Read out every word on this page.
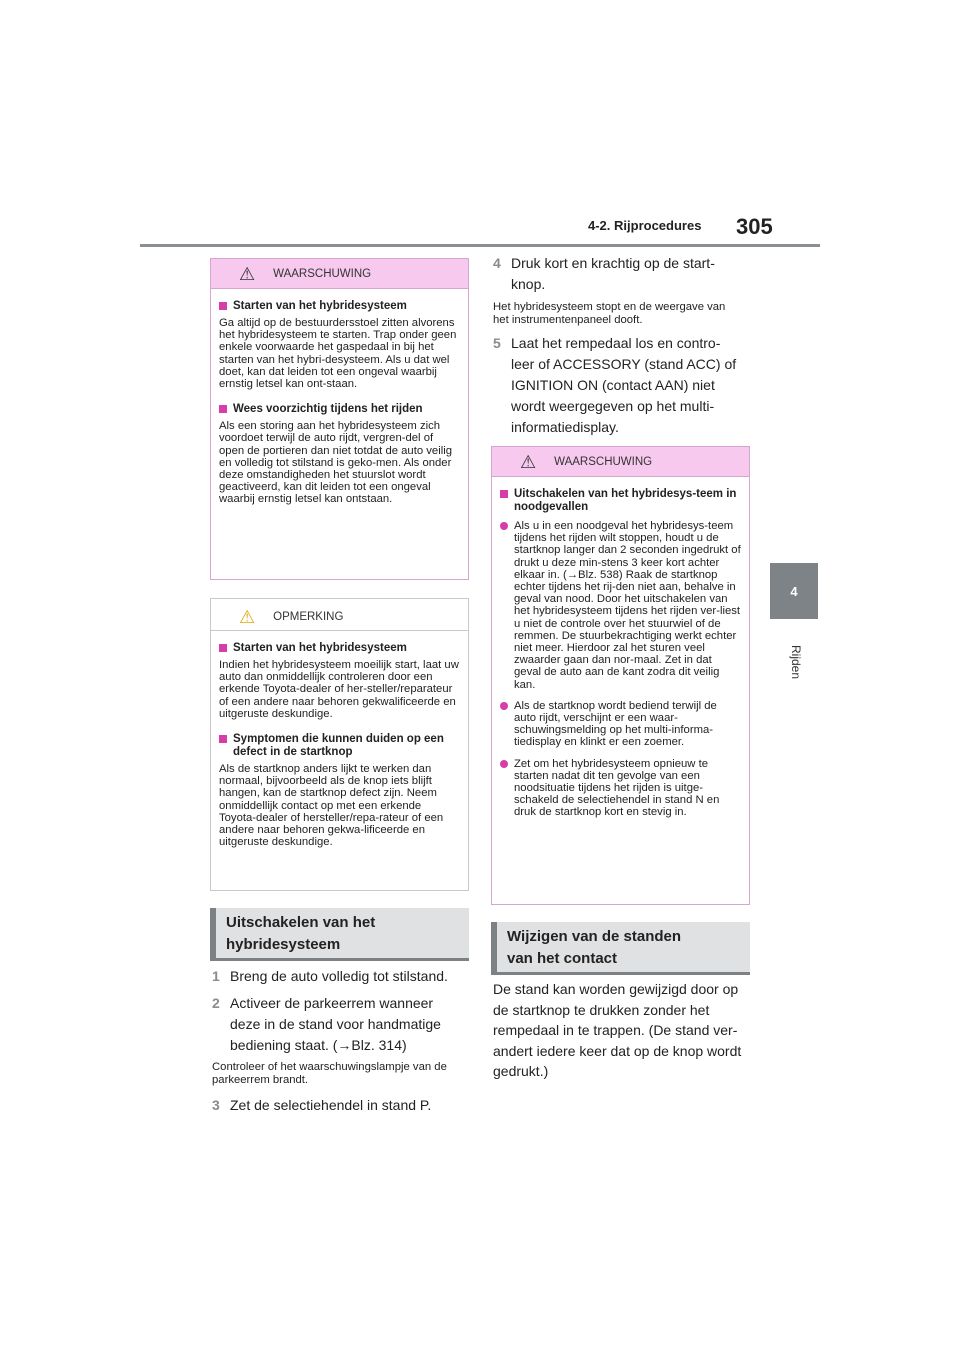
4-2. Rijprocedures 305
4
Rijden
⚠ WAARSCHUWING
Starten van het hybridesysteem
Ga altijd op de bestuurdersstoel zitten alvorens het hybridesysteem te starten. Trap onder geen enkele voorwaarde het gaspedaal in bij het starten van het hybri-desysteem. Als u dat wel doet, kan dat leiden tot een ongeval waarbij ernstig letsel kan ont-staan.
Wees voorzichtig tijdens het rijden
Als een storing aan het hybridesysteem zich voordoet terwijl de auto rijdt, vergren-del of open de portieren dan niet totdat de auto veilig en volledig tot stilstand is geko-men. Als onder deze omstandigheden het stuurslot wordt geactiveerd, kan dit leiden tot een ongeval waarbij ernstig letsel kan ontstaan.
⚠ OPMERKING
Starten van het hybridesysteem
Indien het hybridesysteem moeilijk start, laat uw auto dan onmiddellijk controleren door een erkende Toyota-dealer of her-steller/reparateur of een andere naar behoren gekwalificeerde en uitgeruste deskundige.
Symptomen die kunnen duiden op een defect in de startknop
Als de startknop anders lijkt te werken dan normaal, bijvoorbeeld als de knop iets blijft hangen, kan de startknop defect zijn. Neem onmiddellijk contact op met een erkende Toyota-dealer of hersteller/repa-rateur of een andere naar behoren gekwa-lificeerde en uitgeruste deskundige.
Uitschakelen van het
hybridesysteem
1 Breng de auto volledig tot stilstand.
2 Activeer de parkeerrem wanneer deze in de stand voor handmatige bediening staat. (→Blz. 314)
Controleer of het waarschuwingslampje van de parkeerrem brandt.
3 Zet de selectiehendel in stand P.
4 Druk kort en krachtig op de start-knop.
Het hybridesysteem stopt en de weergave van het instrumentenpaneel dooft.
5 Laat het rempedaal los en contro-leer of ACCESSORY (stand ACC) of IGNITION ON (contact AAN) niet wordt weergegeven op het multi-informatiedisplay.
⚠ WAARSCHUWING
Uitschakelen van het hybridesys-teem in noodgevallen
Als u in een noodgeval het hybridesys-teem tijdens het rijden wilt stoppen, houdt u de startknop langer dan 2 seconden ingedrukt of drukt u deze min-stens 3 keer kort achter elkaar in. (→Blz. 538) Raak de startknop echter tijdens het rij-den niet aan, behalve in geval van nood. Door het uitschakelen van het hybridesysteem tijdens het rijden ver-liest u niet de controle over het stuurwiel of de remmen. De stuurbekrachtiging werkt echter niet meer. Hierdoor zal het sturen veel zwaarder gaan dan nor-maal. Zet in dat geval de auto aan de kant zodra dit veilig kan.
Als de startknop wordt bediend terwijl de auto rijdt, verschijnt er een waar-schuwingsmelding op het multi-informa-tiedisplay en klinkt er een zoemer.
Zet om het hybridesysteem opnieuw te starten nadat dit ten gevolge van een noodsituatie tijdens het rijden is uitge-schakeld de selectiehendel in stand N en druk de startknop kort en stevig in.
Wijzigen van de standen
van het contact
De stand kan worden gewijzigd door op de startknop te drukken zonder het rempedaal in te trappen. (De stand ver-andert iedere keer dat op de knop wordt gedrukt.)
